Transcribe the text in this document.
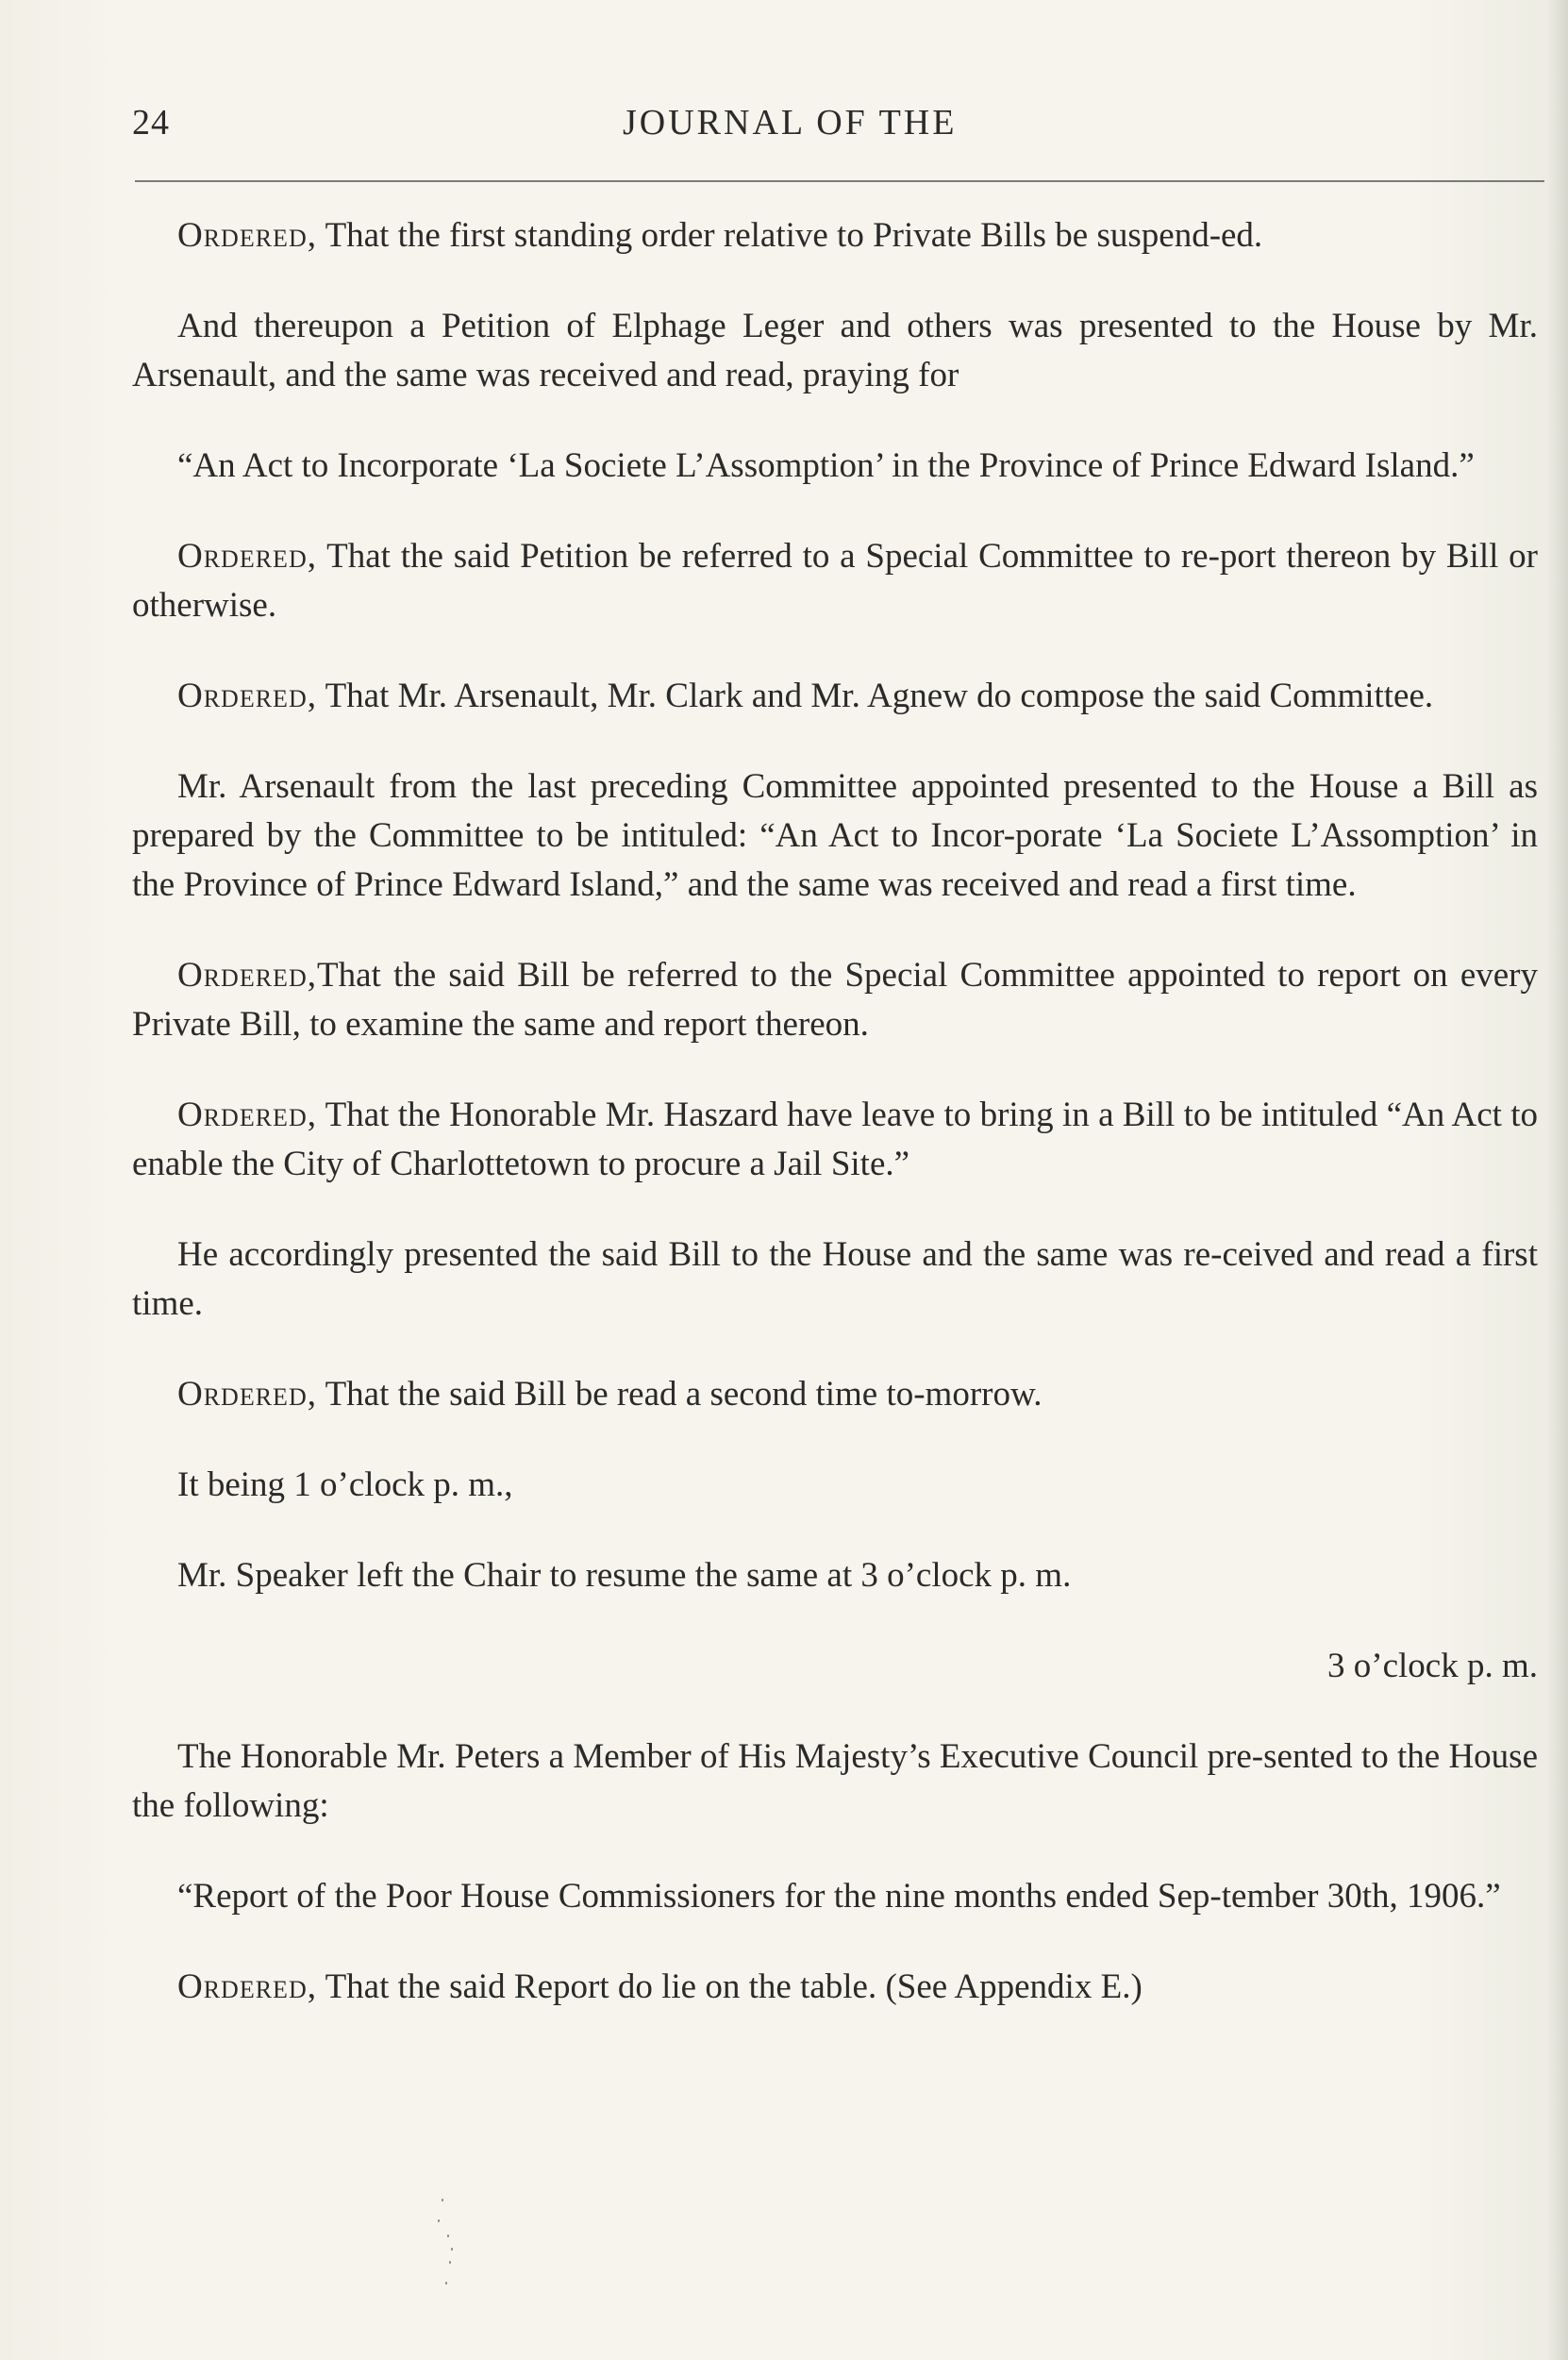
24	JOURNAL OF THE

Ordered, That the first standing order relative to Private Bills be suspend-ed.

And thereupon a Petition of Elphage Leger and others was presented to the House by Mr. Arsenault, and the same was received and read, praying for

“An Act to Incorporate ‘La Societe L’Assomption’ in the Province of Prince Edward Island.”

Ordered, That the said Petition be referred to a Special Committee to re-port thereon by Bill or otherwise.

Ordered, That Mr. Arsenault, Mr. Clark and Mr. Agnew do compose the said Committee.

Mr. Arsenault from the last preceding Committee appointed presented to the House a Bill as prepared by the Committee to be intituled: “An Act to Incor-porate ‘La Societe L’Assomption’ in the Province of Prince Edward Island,” and the same was received and read a first time.

Ordered,That the said Bill be referred to the Special Committee appointed to report on every Private Bill, to examine the same and report thereon.

Ordered, That the Honorable Mr. Haszard have leave to bring in a Bill to be intituled “An Act to enable the City of Charlottetown to procure a Jail Site.”

He accordingly presented the said Bill to the House and the same was re-ceived and read a first time.

Ordered, That the said Bill be read a second time to-morrow.

It being 1 o’clock p. m.,

Mr. Speaker left the Chair to resume the same at 3 o’clock p. m.

3 o’clock p. m.

The Honorable Mr. Peters a Member of His Majesty’s Executive Council pre-sented to the House the following:

“Report of the Poor House Commissioners for the nine months ended Sep-tember 30th, 1906.”

Ordered, That the said Report do lie on the table. (See Appendix E.)
